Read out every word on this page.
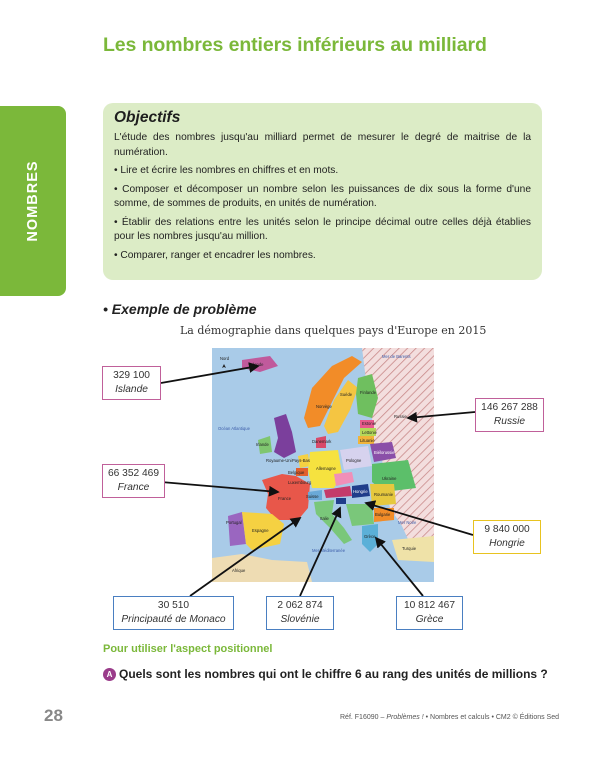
Les nombres entiers inférieurs au milliard
NOMBRES
Objectifs

L'étude des nombres jusqu'au milliard permet de mesurer le degré de maitrise de la numération.

• Lire et écrire les nombres en chiffres et en mots.

• Composer et décomposer un nombre selon les puissances de dix sous la forme d'une somme, de sommes de produits, en unités de numération.

• Établir des relations entre les unités selon le principe décimal outre celles déjà établies pour les nombres jusqu'au million.

• Comparer, ranger et encadrer les nombres.

• Exemple de problème
La démographie dans quelques pays d'Europe en 2015
Nord
Islande
Mer de Barents
Océan Atlantique
Norvège
Suède Finlande
Russie
Irlande
Royaume-Uni
Danemark
Estonie
Lettonie
Lituanie
Biélorussie
Pologne
Ukraine
Pays-Bas
Belgique
Allemagne
Luxembourg
France	Suisse
Espagne
Portugal
Italie
Hongrie
Roumanie
Bulgarie
Grèce
Turquie
Mer Méditerranée
Mer Noire
Afrique
329 100
Islande
146 267 288
Russie
66 352 469
France
9 840 000
Hongrie
30 510
Principauté de Monaco
2 062 874
Slovénie
10 812 467
Grèce
Pour utiliser l'aspect positionnel
A Quels sont les nombres qui ont le chiffre 6 au rang des unités de millions ?
28	Réf. F16090 – Problèmes ! • Nombres et calculs • CM2 © Éditions Sed
